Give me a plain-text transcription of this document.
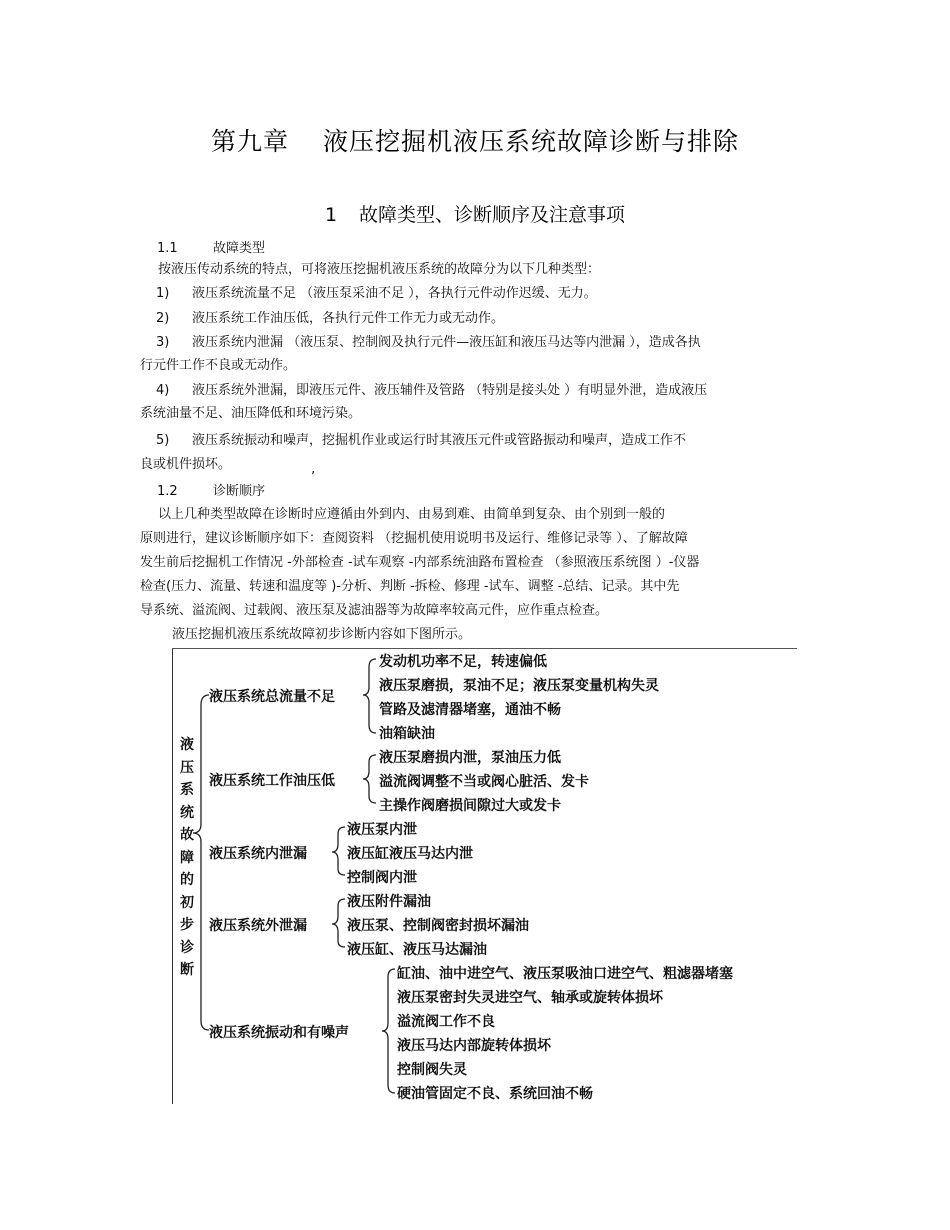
第九章 液压挖掘机液压系统故障诊断与排除
1 故障类型、诊断顺序及注意事项
1.1	故障类型
按液压传动系统的特点，可将液压挖掘机液压系统的故障分为以下几种类型：
1) 液压系统流量不足 （液压泵采油不足 ），各执行元件动作迟缓、无力。
2) 液压系统工作油压低，各执行元件工作无力或无动作。
3) 液压系统内泄漏 （液压泵、控制阀及执行元件—液压缸和液压马达等内泄漏 ），造成各执
行元件工作不良或无动作。
4) 液压系统外泄漏，即液压元件、液压辅件及管路 （特别是接头处 ）有明显外泄，造成液压
系统油量不足、油压降低和环境污染。
5) 液压系统振动和噪声，挖掘机作业或运行时其液压元件或管路振动和噪声，造成工作不
良或机件损坏。
’
1.2	诊断顺序
以上几种类型故障在诊断时应遵循由外到内、由易到难、由简单到复杂、由个别到一般的
原则进行，建议诊断顺序如下：查阅资料 （挖掘机使用说明书及运行、维修记录等 ）、了解故障
发生前后挖掘机工作情况 -外部检查 -试车观察 -内部系统油路布置检查 （参照液压系统图 ）-仪器
检查(压力、流量、转速和温度等 )-分析、判断 -拆检、修理 -试车、调整 -总结、记录。其中先
导系统、溢流阀、过载阀、液压泵及滤油器等为故障率较高元件，应作重点检查。
液压挖掘机液压系统故障初步诊断内容如下图所示。
液
压
系
统
故
障
的
初
步
诊
断
液压系统总流量不足
液压系统工作油压低
液压系统内泄漏
液压系统外泄漏
液压系统振动和有噪声
发动机功率不足，转速偏低
液压泵磨损，泵油不足；液压泵变量机构失灵
管路及滤清器堵塞，通油不畅
油箱缺油
液压泵磨损内泄，泵油压力低
溢流阀调整不当或阀心脏活、发卡
主操作阀磨损间隙过大或发卡
液压泵内泄
液压缸液压马达内泄
控制阀内泄
液压附件漏油
液压泵、控制阀密封损坏漏油
液压缸、液压马达漏油
缸油、油中进空气、液压泵吸油口进空气、粗滤器堵塞
液压泵密封失灵进空气、轴承或旋转体损坏
溢流阀工作不良
液压马达内部旋转体损坏
控制阀失灵
硬油管固定不良、系统回油不畅
